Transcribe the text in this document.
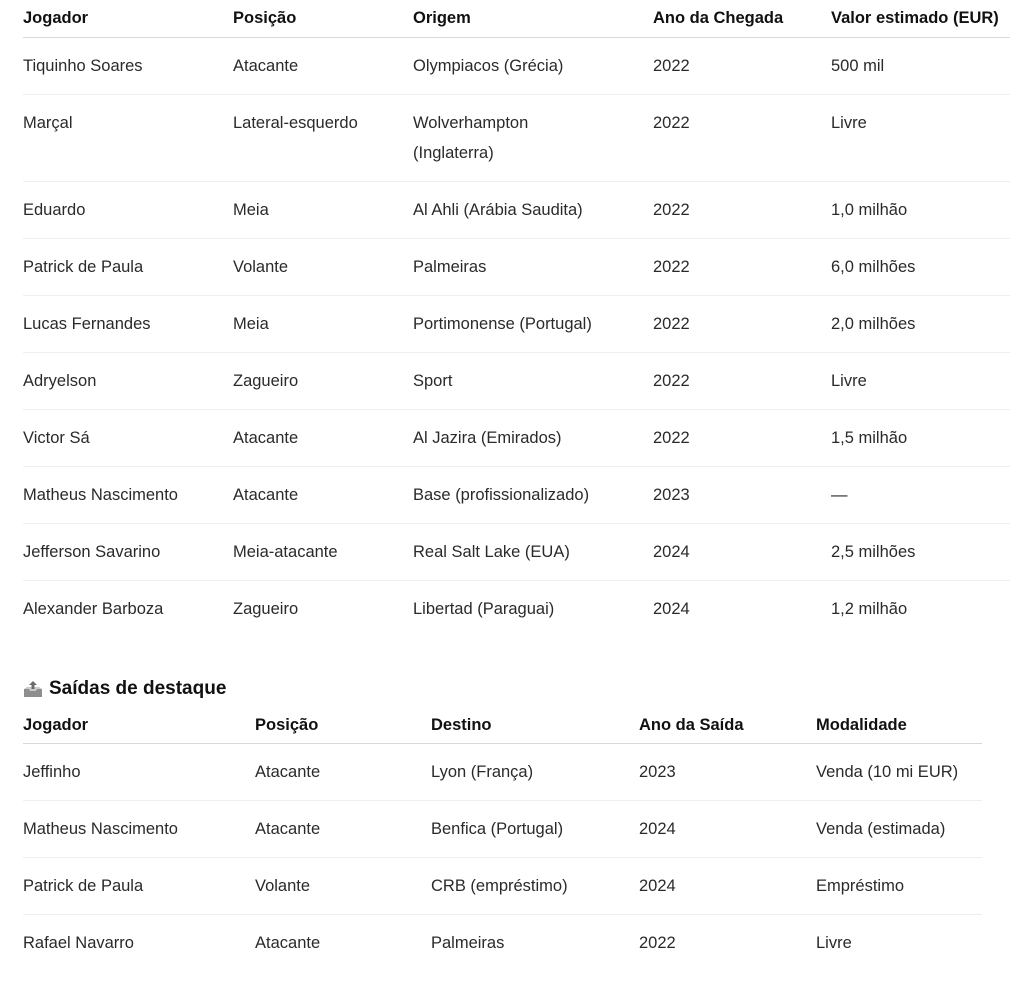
Jogador	Posição	Origem	Ano da Chegada	Valor estimado (EUR)

Tiquinho Soares	Atacante	Olympiacos (Grécia)	2022	500 mil

Marçal	Lateral-esquerdo	Wolverhampton (Inglaterra)	2022	Livre

Eduardo	Meia	Al Ahli (Arábia Saudita)	2022	1,0 milhão

Patrick de Paula	Volante	Palmeiras	2022	6,0 milhões

Lucas Fernandes	Meia	Portimonense (Portugal)	2022	2,0 milhões

Adryelson	Zagueiro	Sport	2022	Livre

Victor Sá	Atacante	Al Jazira (Emirados)	2022	1,5 milhão

Matheus Nascimento	Atacante	Base (profissionalizado)	2023	—

Jefferson Savarino	Meia-atacante	Real Salt Lake (EUA)	2024	2,5 milhões

Alexander Barboza	Zagueiro	Libertad (Paraguai)	2024	1,2 milhão
Saídas de destaque
Jogador	Posição	Destino	Ano da Saída	Modalidade

Jeffinho	Atacante	Lyon (França)	2023	Venda (10 mi EUR)

Matheus Nascimento	Atacante	Benfica (Portugal)	2024	Venda (estimada)

Patrick de Paula	Volante	CRB (empréstimo)	2024	Empréstimo

Rafael Navarro	Atacante	Palmeiras	2022	Livre
